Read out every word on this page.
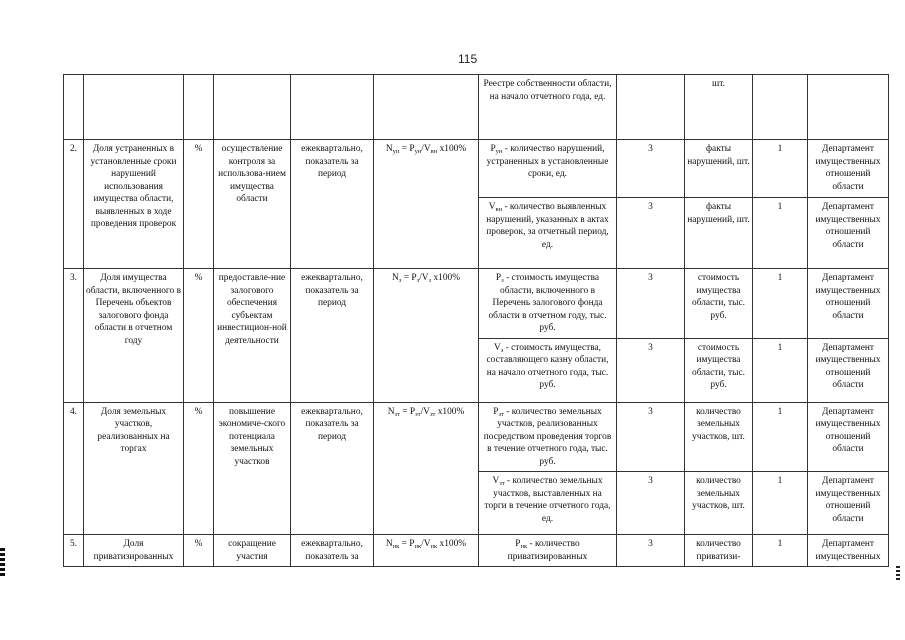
115
						Реестре собственности области, на начало отчетного года, ед.		шт.		
2.	Доля устраненных в установленные сроки нарушений использования имущества области, выявленных в ходе проведения проверок	%	осуществление контроля за использова-нием имущества области	ежеквартально, показатель за период	$N_{уп} = P_{ун}/V_{вн}$ x100%	$P_{ун}$ - количество нарушений, устраненных в установленные сроки, ед.	3	факты нарушений, шт.	1	Департамент имущественных отношений области
						$V_{вн}$ - количество выявленных нарушений, указанных в актах проверок, за отчетный период, ед.	3	факты нарушений, шт.	1	Департамент имущественных отношений области
3.	Доля имущества области, включенного в Перечень объектов залогового фонда области в отчетном году	%	предоставле-ние залогового обеспечения субъектам инвестицион-ной деятельности	ежеквартально, показатель за период	$N_з = P_з/V_з$ x100%	$P_з$ - стоимость имущества области, включенного в Перечень залогового фонда области в отчетном году, тыс. руб.	3	стоимость имущества области, тыс. руб.	1	Департамент имущественных отношений области
						$V_з$ - стоимость имущества, составляющего казну области, на начало отчетного года, тыс. руб.	3	стоимость имущества области, тыс. руб.	1	Департамент имущественных отношений области
4.	Доля земельных участков, реализованных на торгах	%	повышение экономиче-ского потенциала земельных участков	ежеквартально, показатель за период	$N_{зт} = P_{зт}/V_{зт}$ x100%	$P_{зт}$ - количество земельных участков, реализованных посредством проведения торгов в течение отчетного года, тыс. руб.	3	количество земельных участков, шт.	1	Департамент имущественных отношений области
						$V_{зт}$ - количество земельных участков, выставленных на торги в течение отчетного года, ед.	3	количество земельных участков, шт.	1	Департамент имущественных отношений области
5.	Доля приватизированных	%	сокращение участия	ежеквартально, показатель за	$N_{пк} = P_{пк}/V_{пк}$ x100%	$P_{пк}$ - количество приватизированных	3	количество приватизи-	1	Департамент имущественных
